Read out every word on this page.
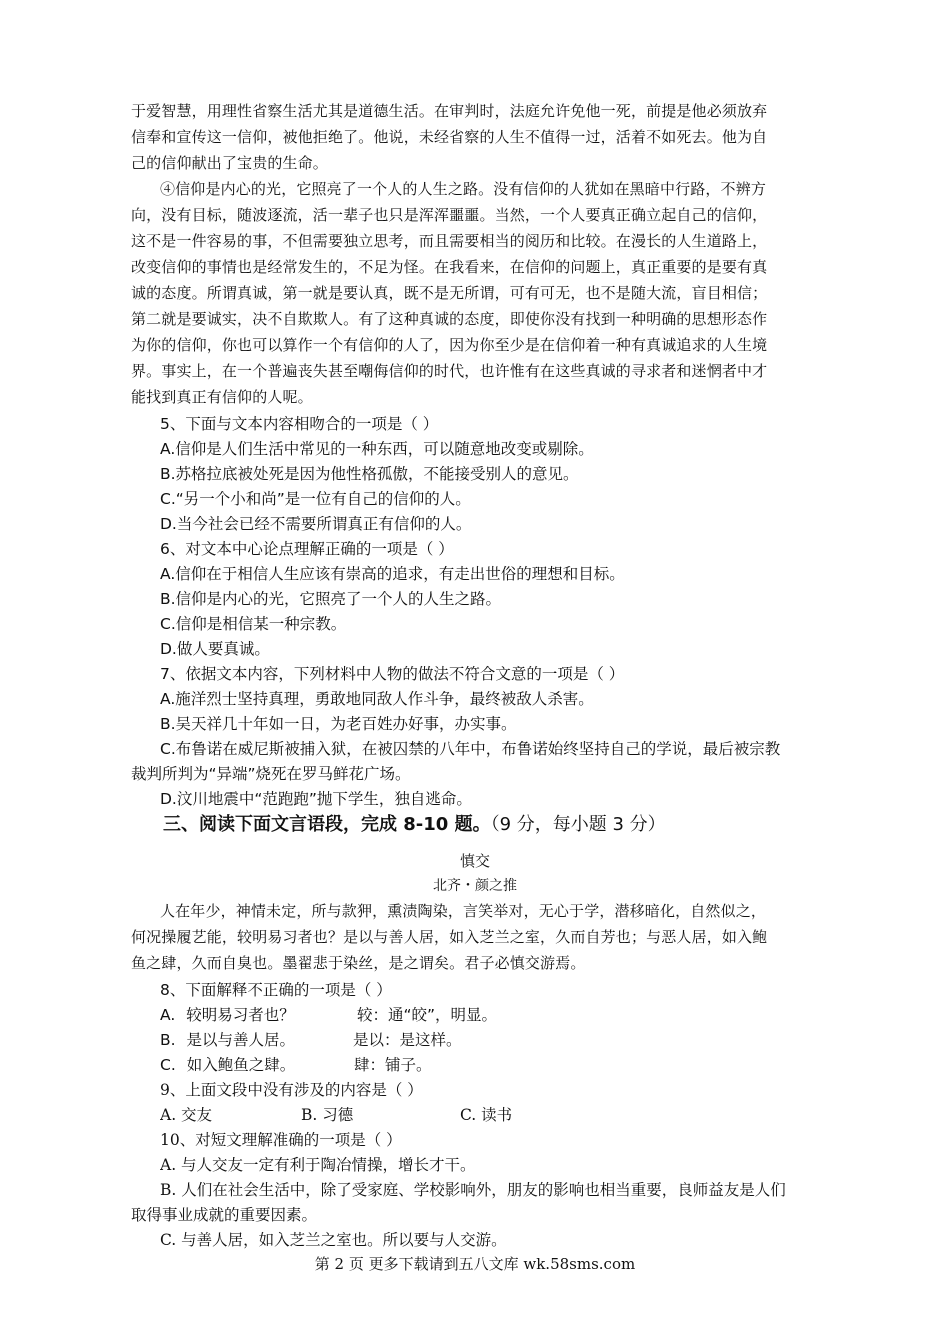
于爱智慧，用理性省察生活尤其是道德生活。在审判时，法庭允许免他一死，前提是他必须放弃
信奉和宣传这一信仰，被他拒绝了。他说，未经省察的人生不值得一过，活着不如死去。他为自
己的信仰献出了宝贵的生命。
④信仰是内心的光，它照亮了一个人的人生之路。没有信仰的人犹如在黑暗中行路，不辨方
向，没有目标，随波逐流，活一辈子也只是浑浑噩噩。当然，一个人要真正确立起自己的信仰，
这不是一件容易的事，不但需要独立思考，而且需要相当的阅历和比较。在漫长的人生道路上，
改变信仰的事情也是经常发生的，不足为怪。在我看来，在信仰的问题上，真正重要的是要有真
诚的态度。所谓真诚，第一就是要认真，既不是无所谓，可有可无，也不是随大流，盲目相信；
第二就是要诚实，决不自欺欺人。有了这种真诚的态度，即使你没有找到一种明确的思想形态作
为你的信仰，你也可以算作一个有信仰的人了，因为你至少是在信仰着一种有真诚追求的人生境
界。事实上，在一个普遍丧失甚至嘲侮信仰的时代，也许惟有在这些真诚的寻求者和迷惘者中才
能找到真正有信仰的人呢。
5、下面与文本内容相吻合的一项是（ ）
A.信仰是人们生活中常见的一种东西，可以随意地改变或剔除。
B.苏格拉底被处死是因为他性格孤傲，不能接受别人的意见。
C.“另一个小和尚”是一位有自己的信仰的人。
D.当今社会已经不需要所谓真正有信仰的人。
6、对文本中心论点理解正确的一项是（ ）
A.信仰在于相信人生应该有崇高的追求，有走出世俗的理想和目标。
B.信仰是内心的光，它照亮了一个人的人生之路。
C.信仰是相信某一种宗教。
D.做人要真诚。
7、依据文本内容，下列材料中人物的做法不符合文意的一项是（ ）
A.施洋烈士坚持真理，勇敢地同敌人作斗争，最终被敌人杀害。
B.吴天祥几十年如一日，为老百姓办好事，办实事。
C.布鲁诺在威尼斯被捕入狱，在被囚禁的八年中，布鲁诺始终坚持自己的学说，最后被宗教
裁判所判为“异端”烧死在罗马鲜花广场。
D.汶川地震中“范跑跑”抛下学生，独自逃命。
三、阅读下面文言语段，完成 8-10 题。（9 分，每小题 3 分）
慎交
北齐・颜之推
人在年少，神情未定，所与款狎，熏渍陶染，言笑举对，无心于学，潜移暗化，自然似之，
何况操履艺能，较明易习者也？是以与善人居，如入芝兰之室，久而自芳也；与恶人居，如入鲍
鱼之肆，久而自臭也。墨翟悲于染丝，是之谓矣。君子必慎交游焉。
8、下面解释不正确的一项是（ ）
A. 较明易习者也？	较：通“皎”，明显。
B. 是以与善人居。	是以：是这样。
C. 如入鲍鱼之肆。	肆：铺子。
9、上面文段中没有涉及的内容是（ ）
A. 交友	B. 习德	C. 读书
10、对短文理解准确的一项是（ ）
A. 与人交友一定有利于陶冶情操，增长才干。
B. 人们在社会生活中，除了受家庭、学校影响外，朋友的影响也相当重要，良师益友是人们
取得事业成就的重要因素。
C. 与善人居，如入芝兰之室也。所以要与人交游。
第 2 页 更多下载请到五八文库 wk.58sms.com
